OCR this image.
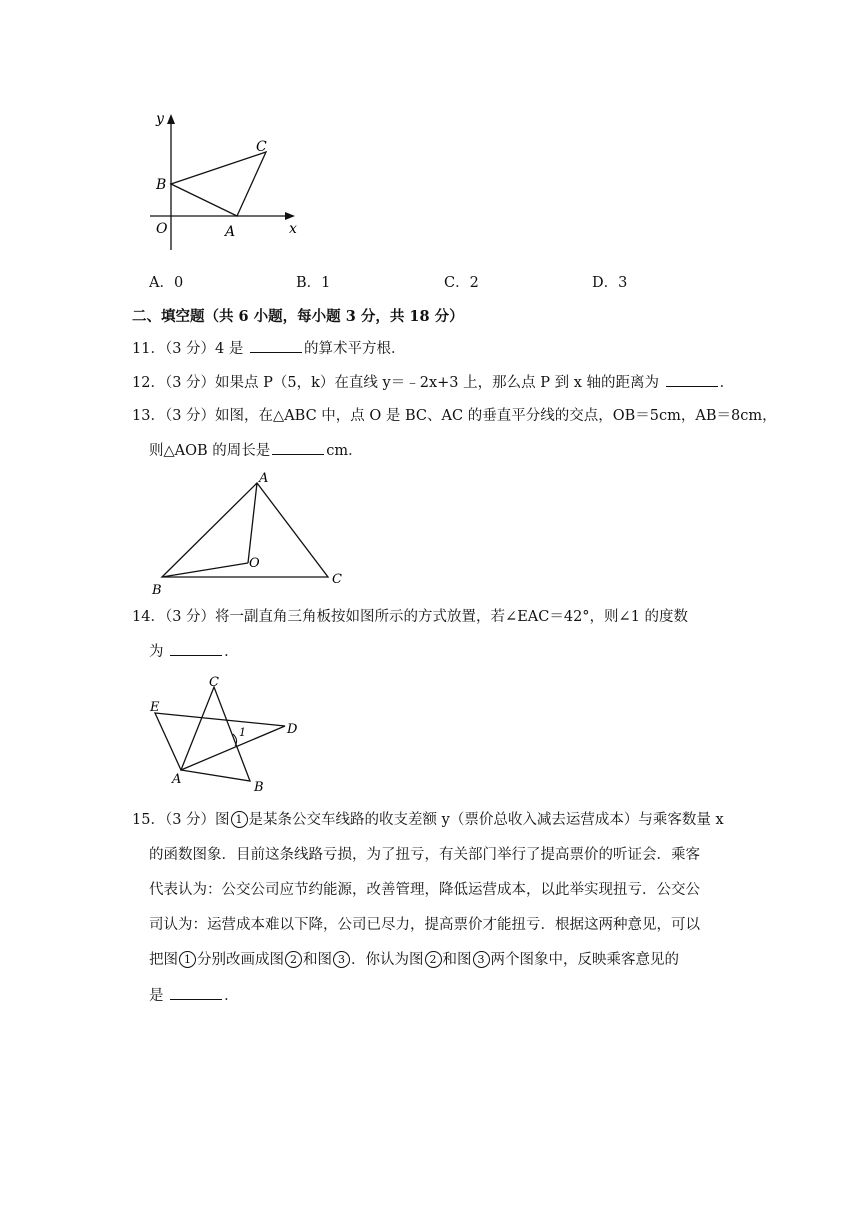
y
x
O	A
B
C
A．0	B．1	C．2	D．3
二、填空题（共 6 小题，每小题 3 分，共 18 分）
11．（3 分）4 是	的算术平方根．
12．（3 分）如果点 P（5，k）在直线 y＝﹣2x+3 上，那么点 P 到 x 轴的距离为	．
13．（3 分）如图，在△ABC 中，点 O 是 BC、AC 的垂直平分线的交点，OB＝5cm，AB＝8cm，
则△AOB 的周长是	cm．
A
B
C
O
14．（3 分）将一副直角三角板按如图所示的方式放置，若∠EAC＝42°，则∠1 的度数
为	．
C
E
D
A
B
1
15．（3 分）图 1 是某条公交车线路的收支差额 y（票价总收入减去运营成本）与乘客数量 x
的函数图象．目前这条线路亏损，为了扭亏，有关部门举行了提高票价的听证会．乘客
代表认为：公交公司应节约能源，改善管理，降低运营成本，以此举实现扭亏．公交公
司认为：运营成本难以下降，公司已尽力，提高票价才能扭亏．根据这两种意见，可以
把图 1 分别改画成图 2 和图 3 ．你认为图 2 和图 3 两个图象中，反映乘客意见的
是	．
